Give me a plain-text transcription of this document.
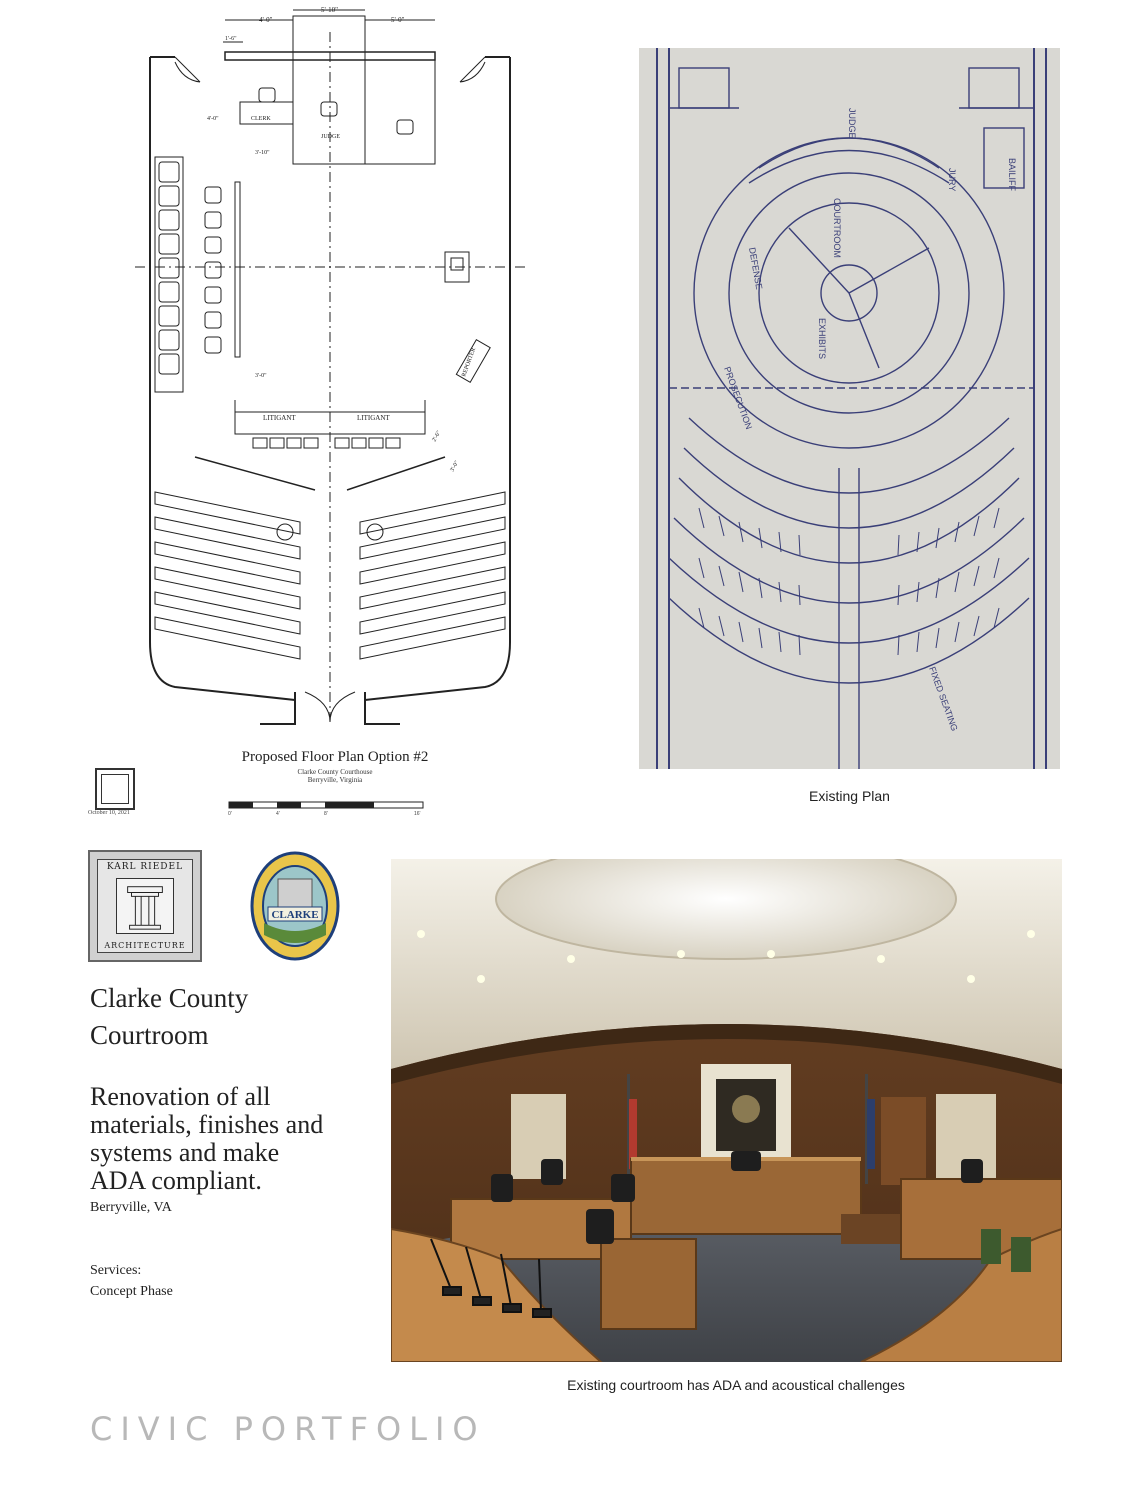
4'-0"
5'-10"
5'-0"
1'-6"
4'-0"	CLERK
JUDGE
3'-10"
3'-0"	REPORTER
LITIGANT	LITIGANT
2'-6"
3'-0"
Proposed Floor Plan Option #2
Clarke County Courthouse
Berryville, Virginia
October 10, 2021	0'	4'	8'	16'
COURTROOM
EXHIBITS
PROSECUTION
DEFENSE
JURY	BAILIFF
JUDGE
FIXED SEATING
Existing Plan
KARL RIEDEL
ARCHITECTURE
CLARKE
Clarke County
Courtroom
Renovation of all
materials, finishes and
systems and make
ADA compliant.
Berryville, VA
Services:
Concept Phase
Existing courtroom has ADA and acoustical challenges
CIVIC PORTFOLIO
